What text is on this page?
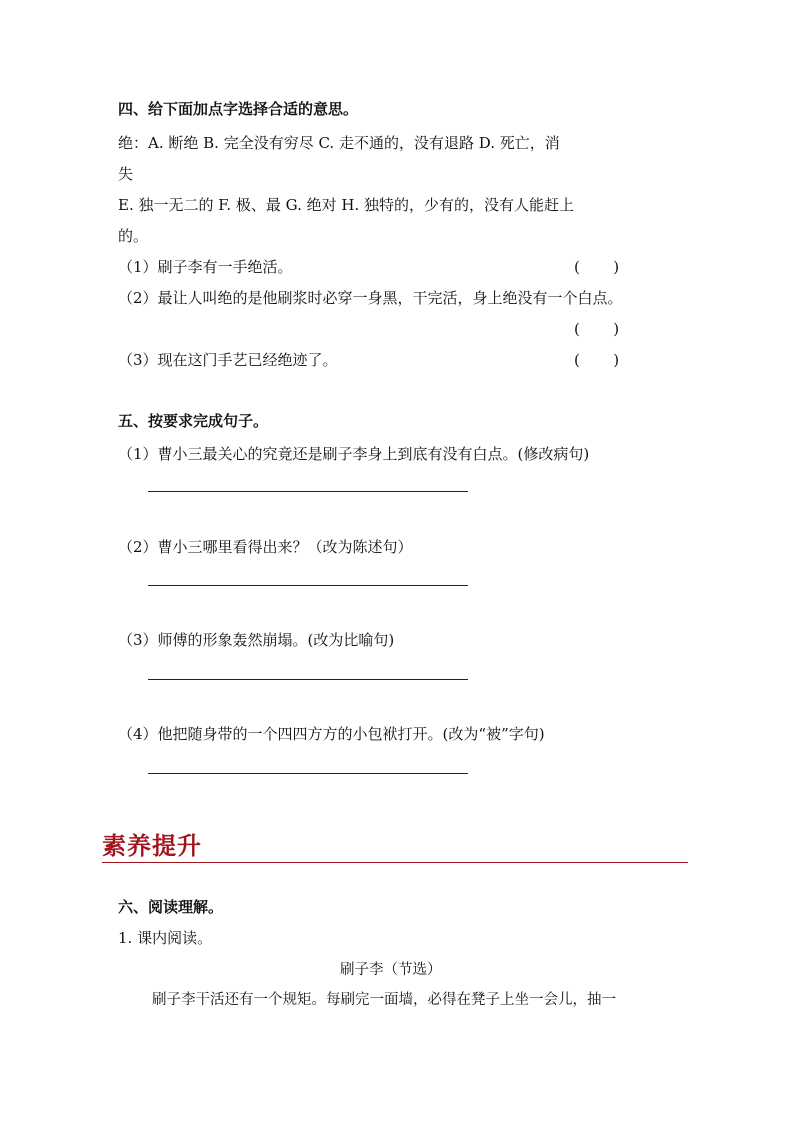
四、给下面加点字选择合适的意思。
绝：A. 断绝 B. 完全没有穷尽 C. 走不通的，没有退路 D. 死亡，消
失
E. 独一无二的 F. 极、最 G. 绝对 H. 独特的，少有的，没有人能赶上
的。
（1）刷子李有一手绝活。	(       )
（2）最让人叫绝的是他刷浆时必穿一身黑，干完活，身上绝没有一个白点。
(       )
（3）现在这门手艺已经绝迹了。	(       )
五、按要求完成句子。
（1）曹小三最关心的究竟还是刷子李身上到底有没有白点。(修改病句)
（2）曹小三哪里看得出来？（改为陈述句）
（3）师傅的形象轰然崩塌。(改为比喻句)
（4）他把随身带的一个四四方方的小包袱打开。(改为“被”字句)
素养提升
六、阅读理解。
1. 课内阅读。
刷子李（节选）
刷子李干活还有一个规矩。每刷完一面墙，必得在凳子上坐一会儿，抽一
